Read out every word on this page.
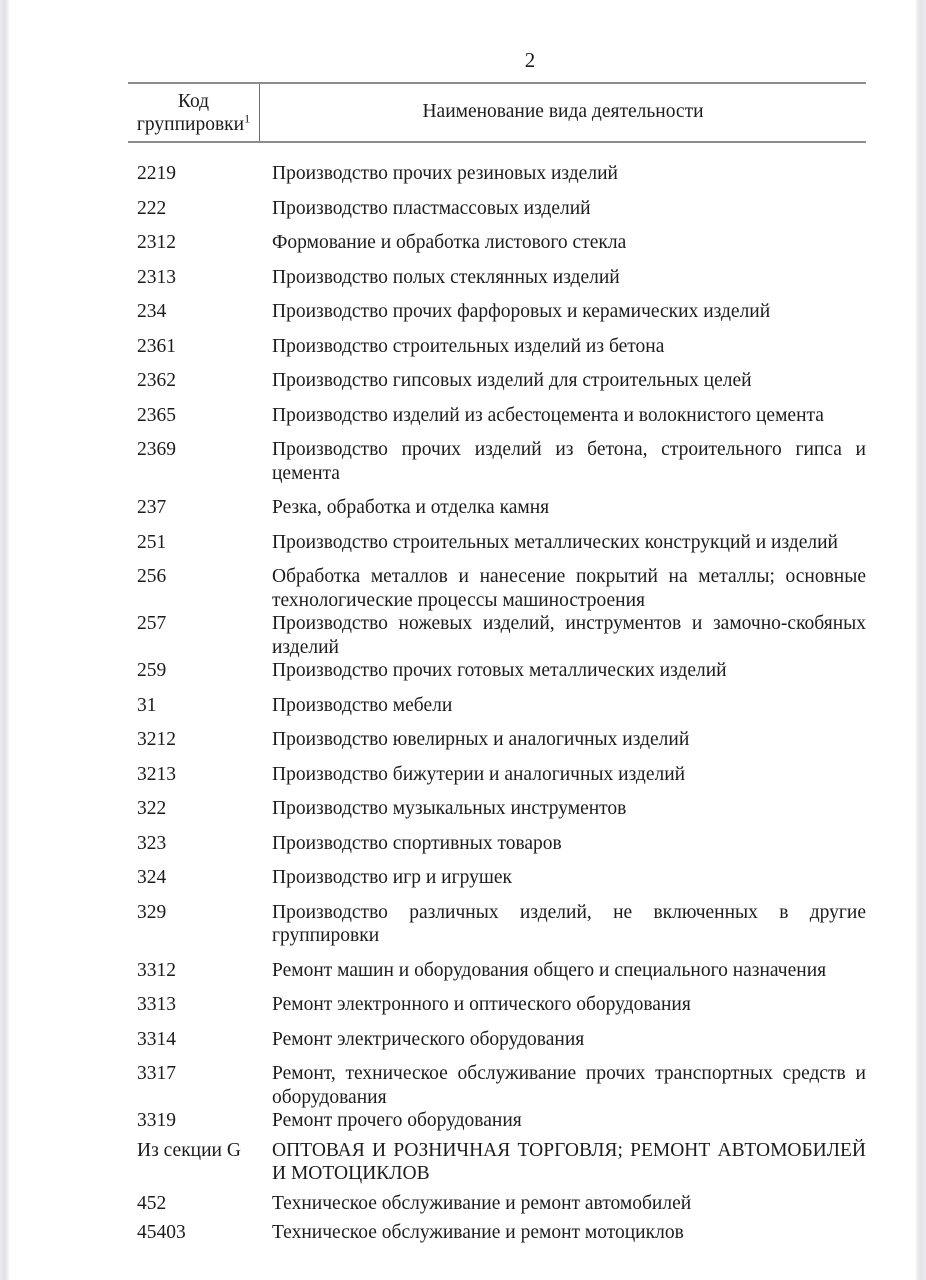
2
Код группировки$^1$	Наименование вида деятельности
2219	Производство прочих резиновых изделий
222	Производство пластмассовых изделий
2312	Формование и обработка листового стекла
2313	Производство полых стеклянных изделий
234	Производство прочих фарфоровых и керамических изделий
2361	Производство строительных изделий из бетона
2362	Производство гипсовых изделий для строительных целей
2365	Производство изделий из асбестоцемента и волокнистого цемента
2369	Производство прочих изделий из бетона, строительного гипса и цемента
237	Резка, обработка и отделка камня
251	Производство строительных металлических конструкций и изделий
256	Обработка металлов и нанесение покрытий на металлы; основные технологические процессы машиностроения
257	Производство ножевых изделий, инструментов и замочно-скобяных изделий
259	Производство прочих готовых металлических изделий
31	Производство мебели
3212	Производство ювелирных и аналогичных изделий
3213	Производство бижутерии и аналогичных изделий
322	Производство музыкальных инструментов
323	Производство спортивных товаров
324	Производство игр и игрушек
329	Производство различных изделий, не включенных в другие группировки
3312	Ремонт машин и оборудования общего и специального назначения
3313	Ремонт электронного и оптического оборудования
3314	Ремонт электрического оборудования
3317	Ремонт, техническое обслуживание прочих транспортных средств и оборудования
3319	Ремонт прочего оборудования
Из секции G	ОПТОВАЯ И РОЗНИЧНАЯ ТОРГОВЛЯ; РЕМОНТ АВТОМОБИЛЕЙ И МОТОЦИКЛОВ
452	Техническое обслуживание и ремонт автомобилей
45403	Техническое обслуживание и ремонт мотоциклов
